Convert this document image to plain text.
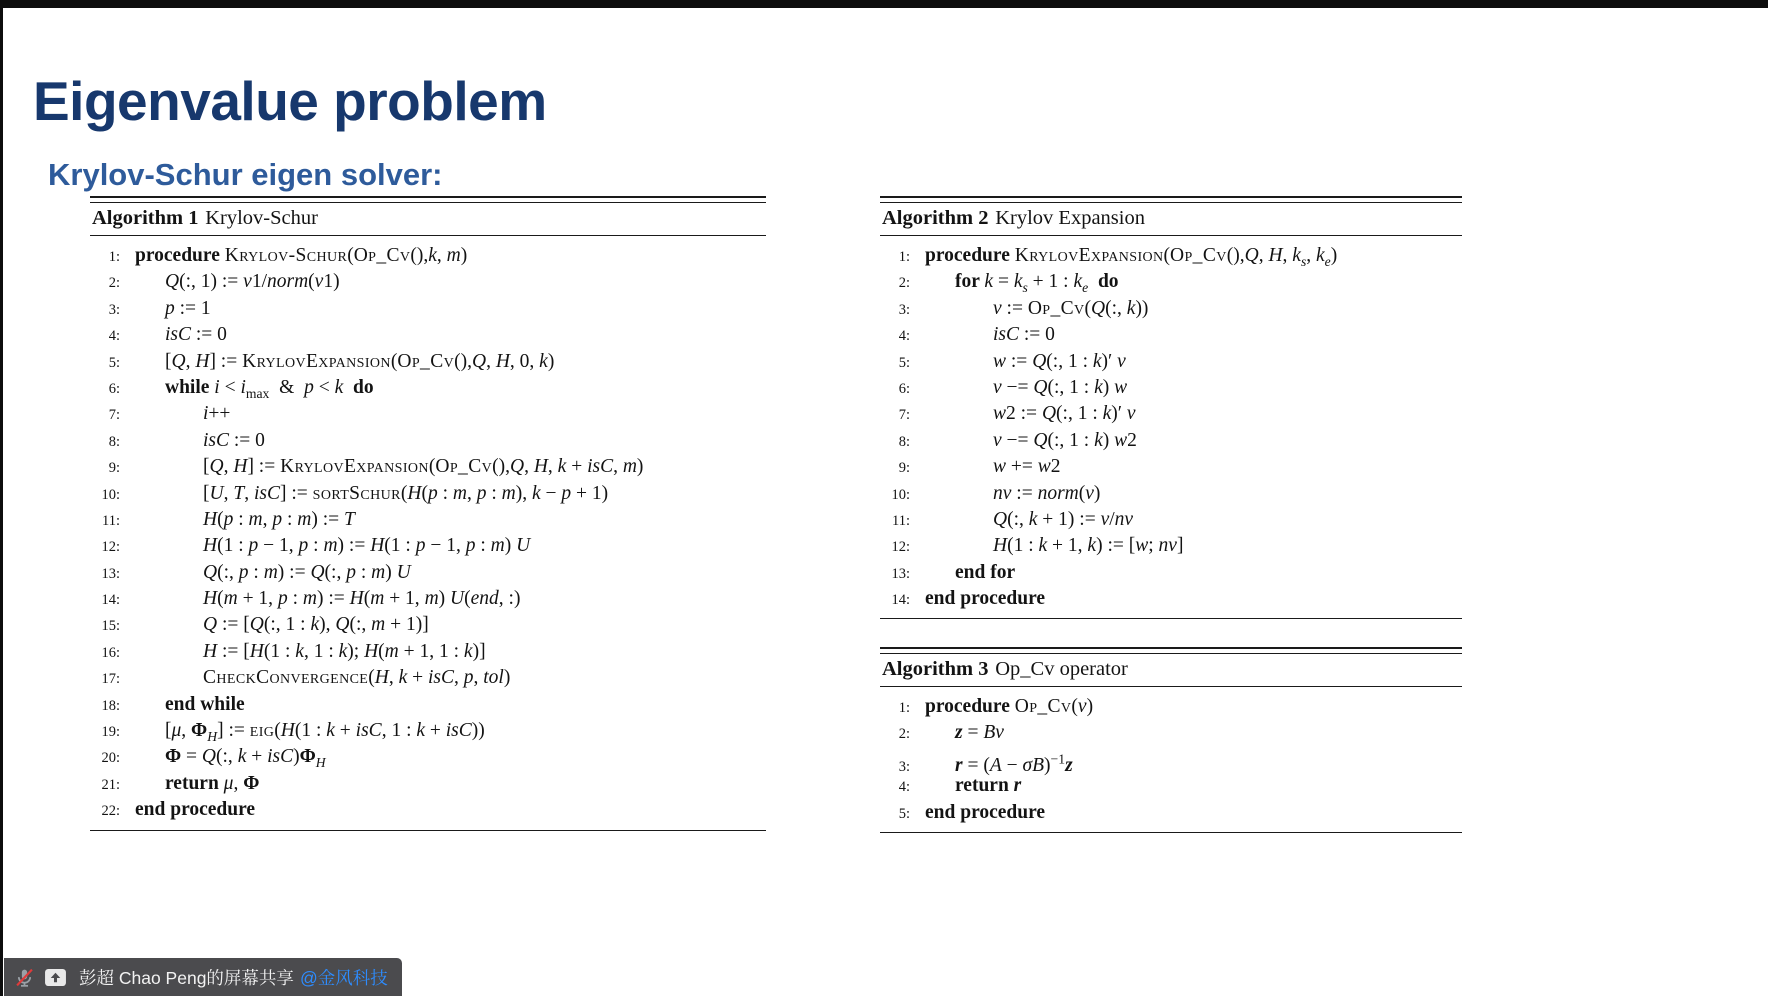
Eigenvalue problem
Krylov-Schur eigen solver:
Algorithm 1 Krylov-Schur
1: procedure Krylov-Schur(Op_Cv(),k, m)
2: Q(:, 1) := v1/norm(v1)
3: p := 1
4: isC := 0
5: [Q, H] := KrylovExpansion(Op_Cv(),Q, H, 0, k)
6: while $i < i_{max}$  &  p < k  do
7:	i++
8:	isC := 0
9:	[Q, H] := KrylovExpansion(Op_Cv(),Q, H, k + isC, m)
10:	[U, T, isC] := sortSchur(H(p : m, p : m), k − p + 1)
11:	H(p : m, p : m) := T
12:	H(1 : p − 1, p : m) := H(1 : p − 1, p : m) U
13:	Q(:, p : m) := Q(:, p : m) U
14:	H(m + 1, p : m) := H(m + 1, m) U(end, :)
15:	Q := [Q(:, 1 : k), Q(:, m + 1)]
16:	H := [H(1 : k, 1 : k); H(m + 1, 1 : k)]
17:	CheckConvergence(H, k + isC, p, tol)
18: end while
19: [μ, $\Phi_H$] := eig(H(1 : k + isC, 1 : k + isC))
20: Φ = Q(:, $k + isC)\Phi_H$
21: return μ, Φ
22: end procedure
Algorithm 2 Krylov Expansion
1: procedure KrylovExpansion(Op_Cv(),Q, H, $k_s$, $k_e$)
2: for $k = k_s + 1$ : $k_e$  do
3:	v := Op_Cv(Q(:, k))
4:	isC := 0
5:	w := Q(:, 1 : k)′ v
6:	v −= Q(:, 1 : k) w
7:	w2 := Q(:, 1 : k)′ v
8:	v −= Q(:, 1 : k) w2
9:	w += w2
10:	nv := norm(v)
11:	Q(:, k + 1) := v/nv
12:	H(1 : k + 1, k) := [w; nv]
13: end for
14: end procedure
Algorithm 3 Op_Cv operator
1: procedure Op_Cv(v)
2: z = Bv
3: $r = (A - \sigma B)^{-1}z$
4: return r
5: end procedure
彭超 Chao Peng的屏幕共享 @金风科技
